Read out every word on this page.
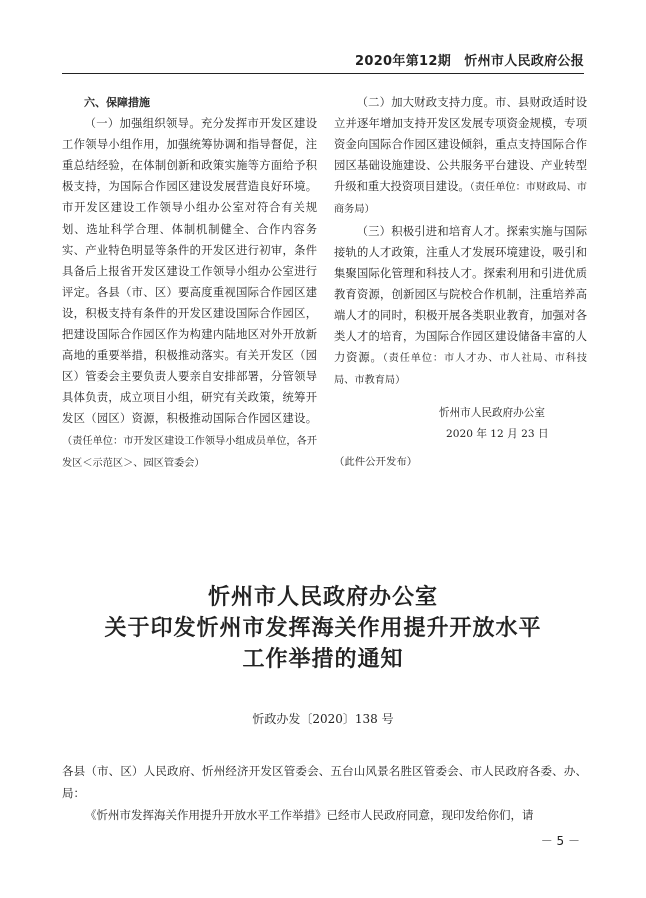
2020年第12期　忻州市人民政府公报

六、保障措施

（一）加强组织领导。充分发挥市开发区建设工作领导小组作用，加强统筹协调和指导督促，注重总结经验，在体制创新和政策实施等方面给予积极支持，为国际合作园区建设发展营造良好环境。市开发区建设工作领导小组办公室对符合有关规划、选址科学合理、体制机制健全、合作内容务实、产业特色明显等条件的开发区进行初审，条件具备后上报省开发区建设工作领导小组办公室进行评定。各县（市、区）要高度重视国际合作园区建设，积极支持有条件的开发区建设国际合作园区，把建设国际合作园区作为构建内陆地区对外开放新高地的重要举措，积极推动落实。有关开发区（园区）管委会主要负责人要亲自安排部署，分管领导具体负责，成立项目小组，研究有关政策，统筹开发区（园区）资源，积极推动国际合作园区建设。（责任单位：市开发区建设工作领导小组成员单位，各开发区＜示范区＞、园区管委会）

（二）加大财政支持力度。市、县财政适时设立并逐年增加支持开发区发展专项资金规模，专项资金向国际合作园区建设倾斜，重点支持国际合作园区基础设施建设、公共服务平台建设、产业转型升级和重大投资项目建设。（责任单位：市财政局、市商务局）

（三）积极引进和培育人才。探索实施与国际接轨的人才政策，注重人才发展环境建设，吸引和集聚国际化管理和科技人才。探索利用和引进优质教育资源，创新园区与院校合作机制，注重培养高端人才的同时，积极开展各类职业教育，加强对各类人才的培育，为国际合作园区建设储备丰富的人力资源。（责任单位：市人才办、市人社局、市科技局、市教育局）

忻州市人民政府办公室
2020 年 12 月 23 日
（此件公开发布）
忻州市人民政府办公室
关于印发忻州市发挥海关作用提升开放水平
工作举措的通知
忻政办发〔2020〕138 号

各县（市、区）人民政府、忻州经济开发区管委会、五台山风景名胜区管委会、市人民政府各委、办、局：

《忻州市发挥海关作用提升开放水平工作举措》已经市人民政府同意，现印发给你们，请

－ 5 －
